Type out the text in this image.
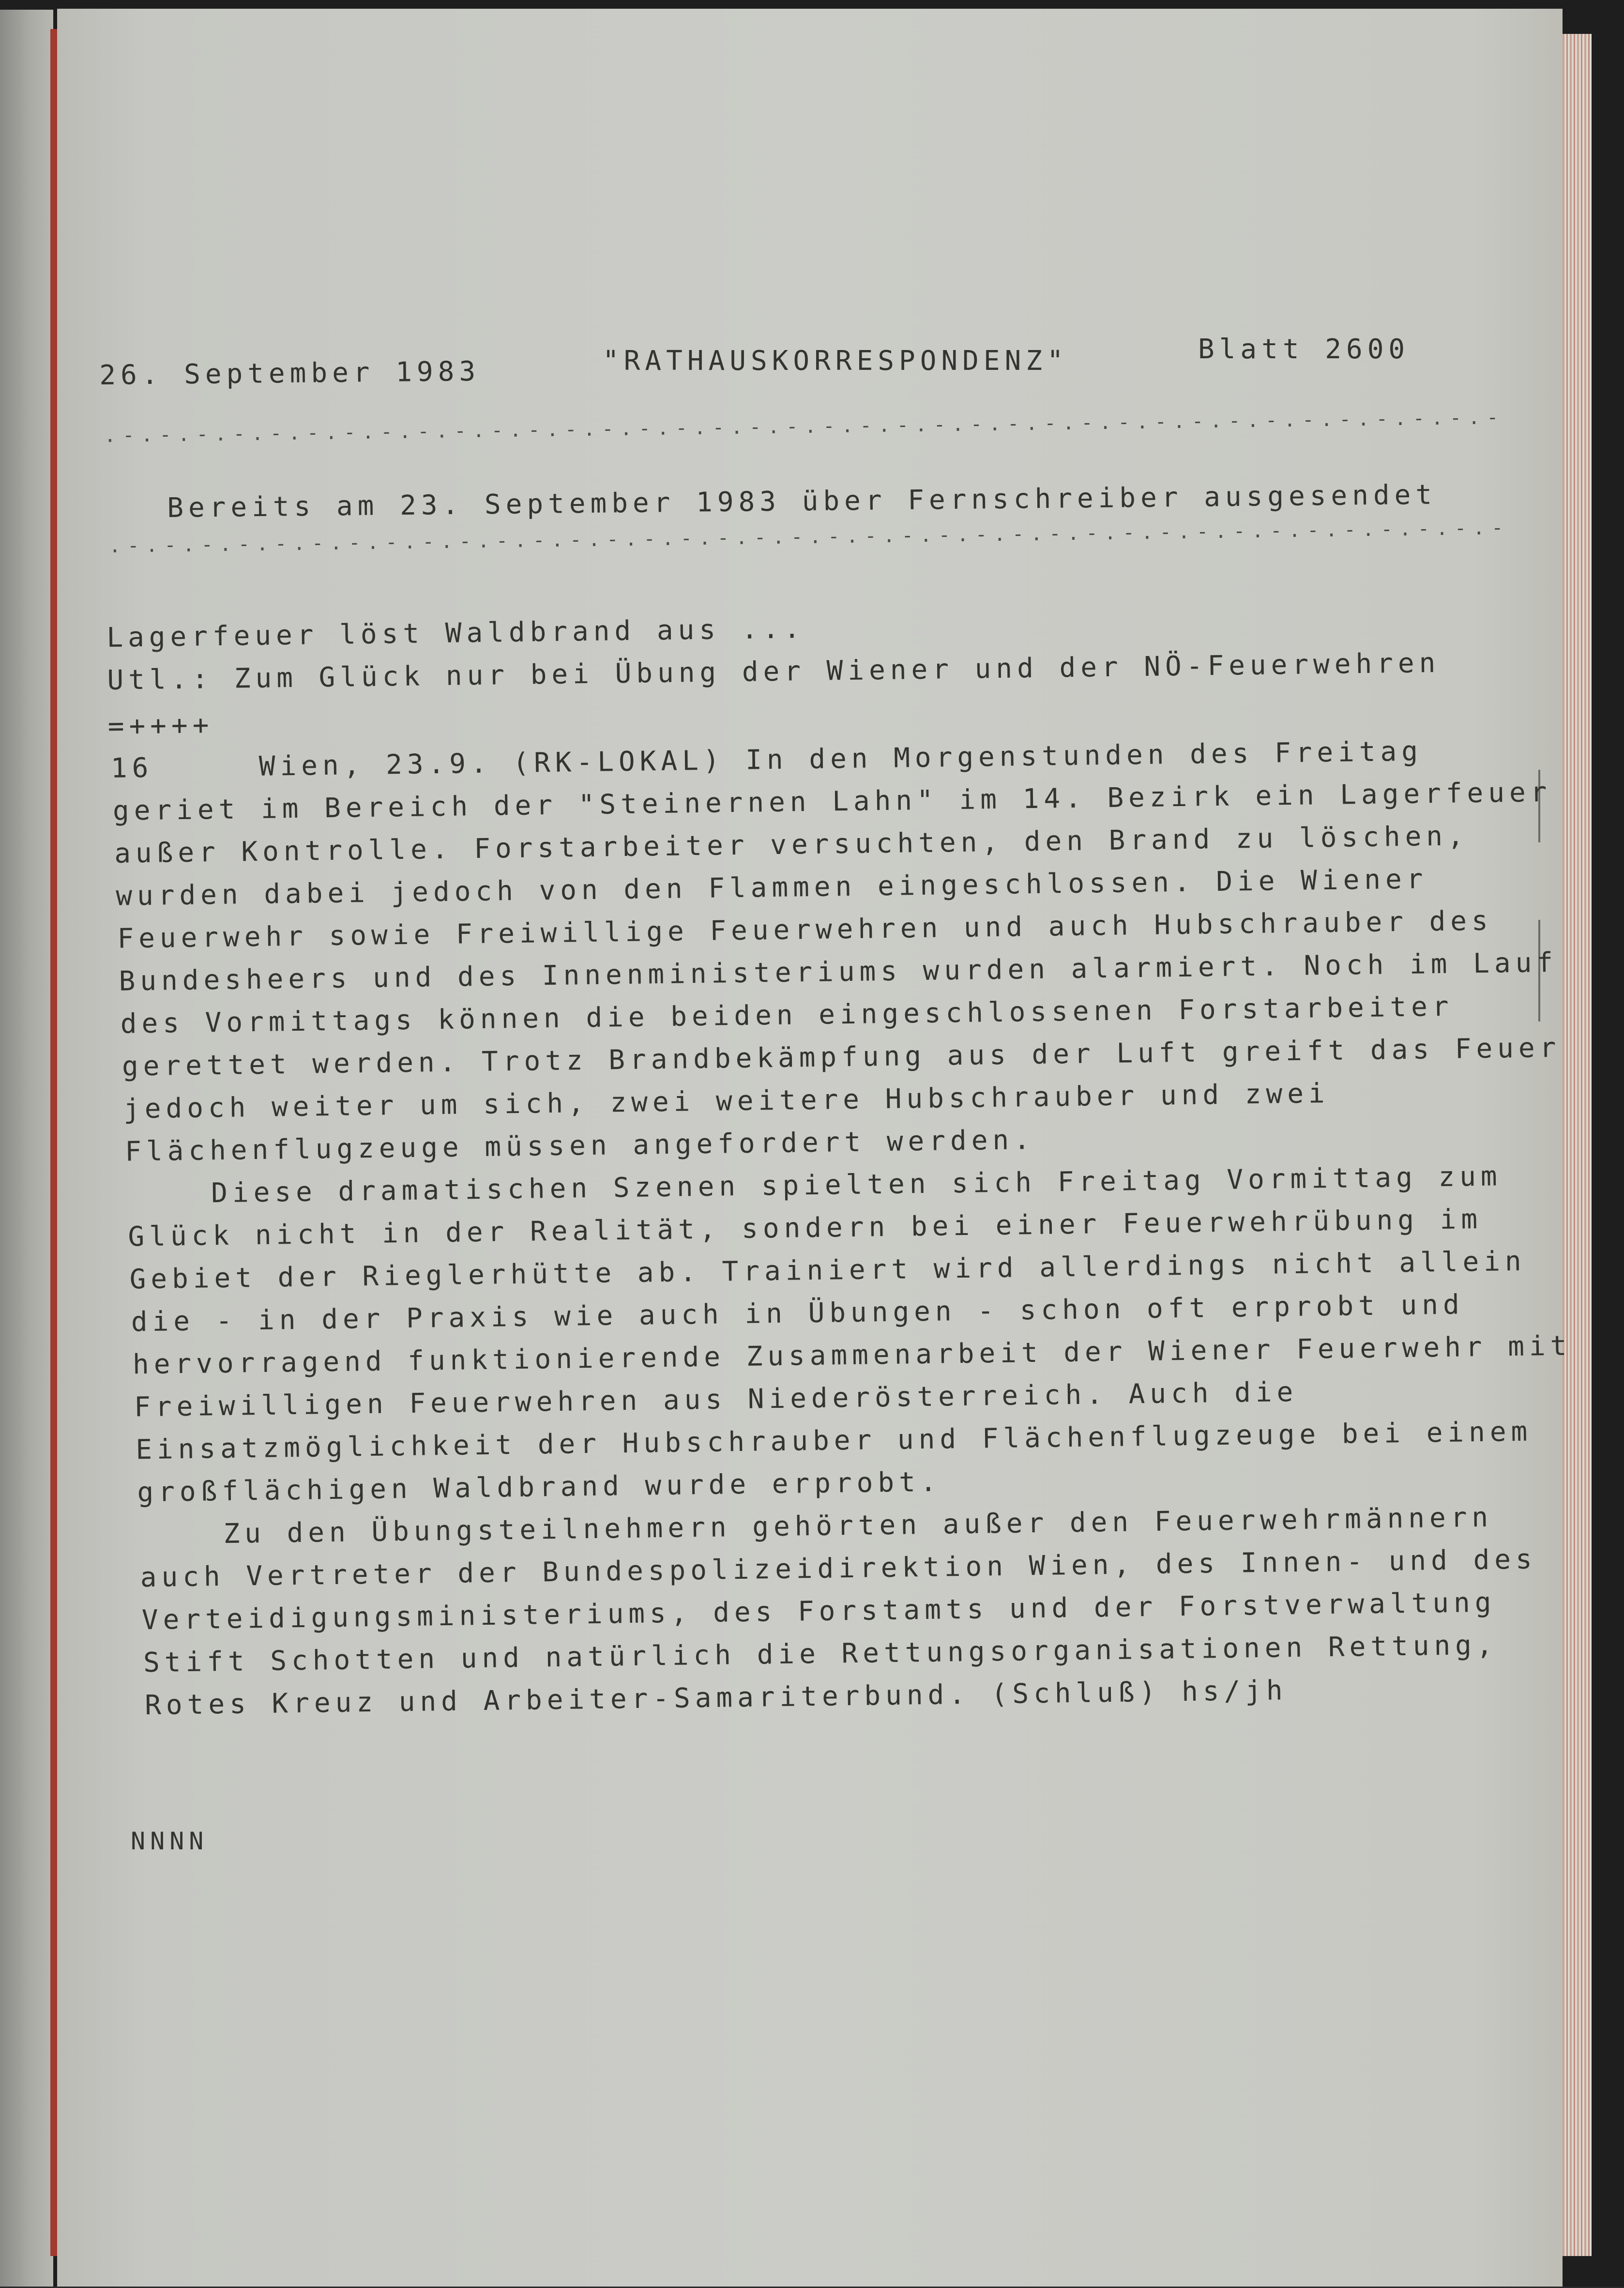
26. September 1983	"RATHAUSKORRESPONDENZ"	Blatt 2600

.-.-.-.-.-.-.-.-.-.-.-.-.-.-.-.-.-.-.-.-.-.-.-.-.-.-.-.-.-.-.-.-.-.-.-.-.-.-

Bereits am 23. September 1983 über Fernschreiber ausgesendet

.-.-.-.-.-.-.-.-.-.-.-.-.-.-.-.-.-.-.-.-.-.-.-.-.-.-.-.-.-.-.-.-.-.-.-.-.-.-

Lagerfeuer löst Waldbrand aus ...

Utl.: Zum Glück nur bei Übung der Wiener und der NÖ-Feuerwehren

=++++

16     Wien, 23.9. (RK-LOKAL) In den Morgenstunden des Freitag

geriet im Bereich der "Steinernen Lahn" im 14. Bezirk ein Lagerfeuer

außer Kontrolle. Forstarbeiter versuchten, den Brand zu löschen,

wurden dabei jedoch von den Flammen eingeschlossen. Die Wiener

Feuerwehr sowie Freiwillige Feuerwehren und auch Hubschrauber des

Bundesheers und des Innenministeriums wurden alarmiert. Noch im Lauf

des Vormittags können die beiden eingeschlossenen Forstarbeiter

gerettet werden. Trotz Brandbekämpfung aus der Luft greift das Feuer

jedoch weiter um sich, zwei weitere Hubschrauber und zwei

Flächenflugzeuge müssen angefordert werden.

Diese dramatischen Szenen spielten sich Freitag Vormittag zum

Glück nicht in der Realität, sondern bei einer Feuerwehrübung im

Gebiet der Rieglerhütte ab. Trainiert wird allerdings nicht allein

die - in der Praxis wie auch in Übungen - schon oft erprobt und

hervorragend funktionierende Zusammenarbeit der Wiener Feuerwehr mit

Freiwilligen Feuerwehren aus Niederösterreich. Auch die

Einsatzmöglichkeit der Hubschrauber und Flächenflugzeuge bei einem

großflächigen Waldbrand wurde erprobt.

Zu den Übungsteilnehmern gehörten außer den Feuerwehrmännern

auch Vertreter der Bundespolizeidirektion Wien, des Innen- und des

Verteidigungsministeriums, des Forstamts und der Forstverwaltung

Stift Schotten und natürlich die Rettungsorganisationen Rettung,

Rotes Kreuz und Arbeiter-Samariterbund. (Schluß) hs/jh

NNNN
